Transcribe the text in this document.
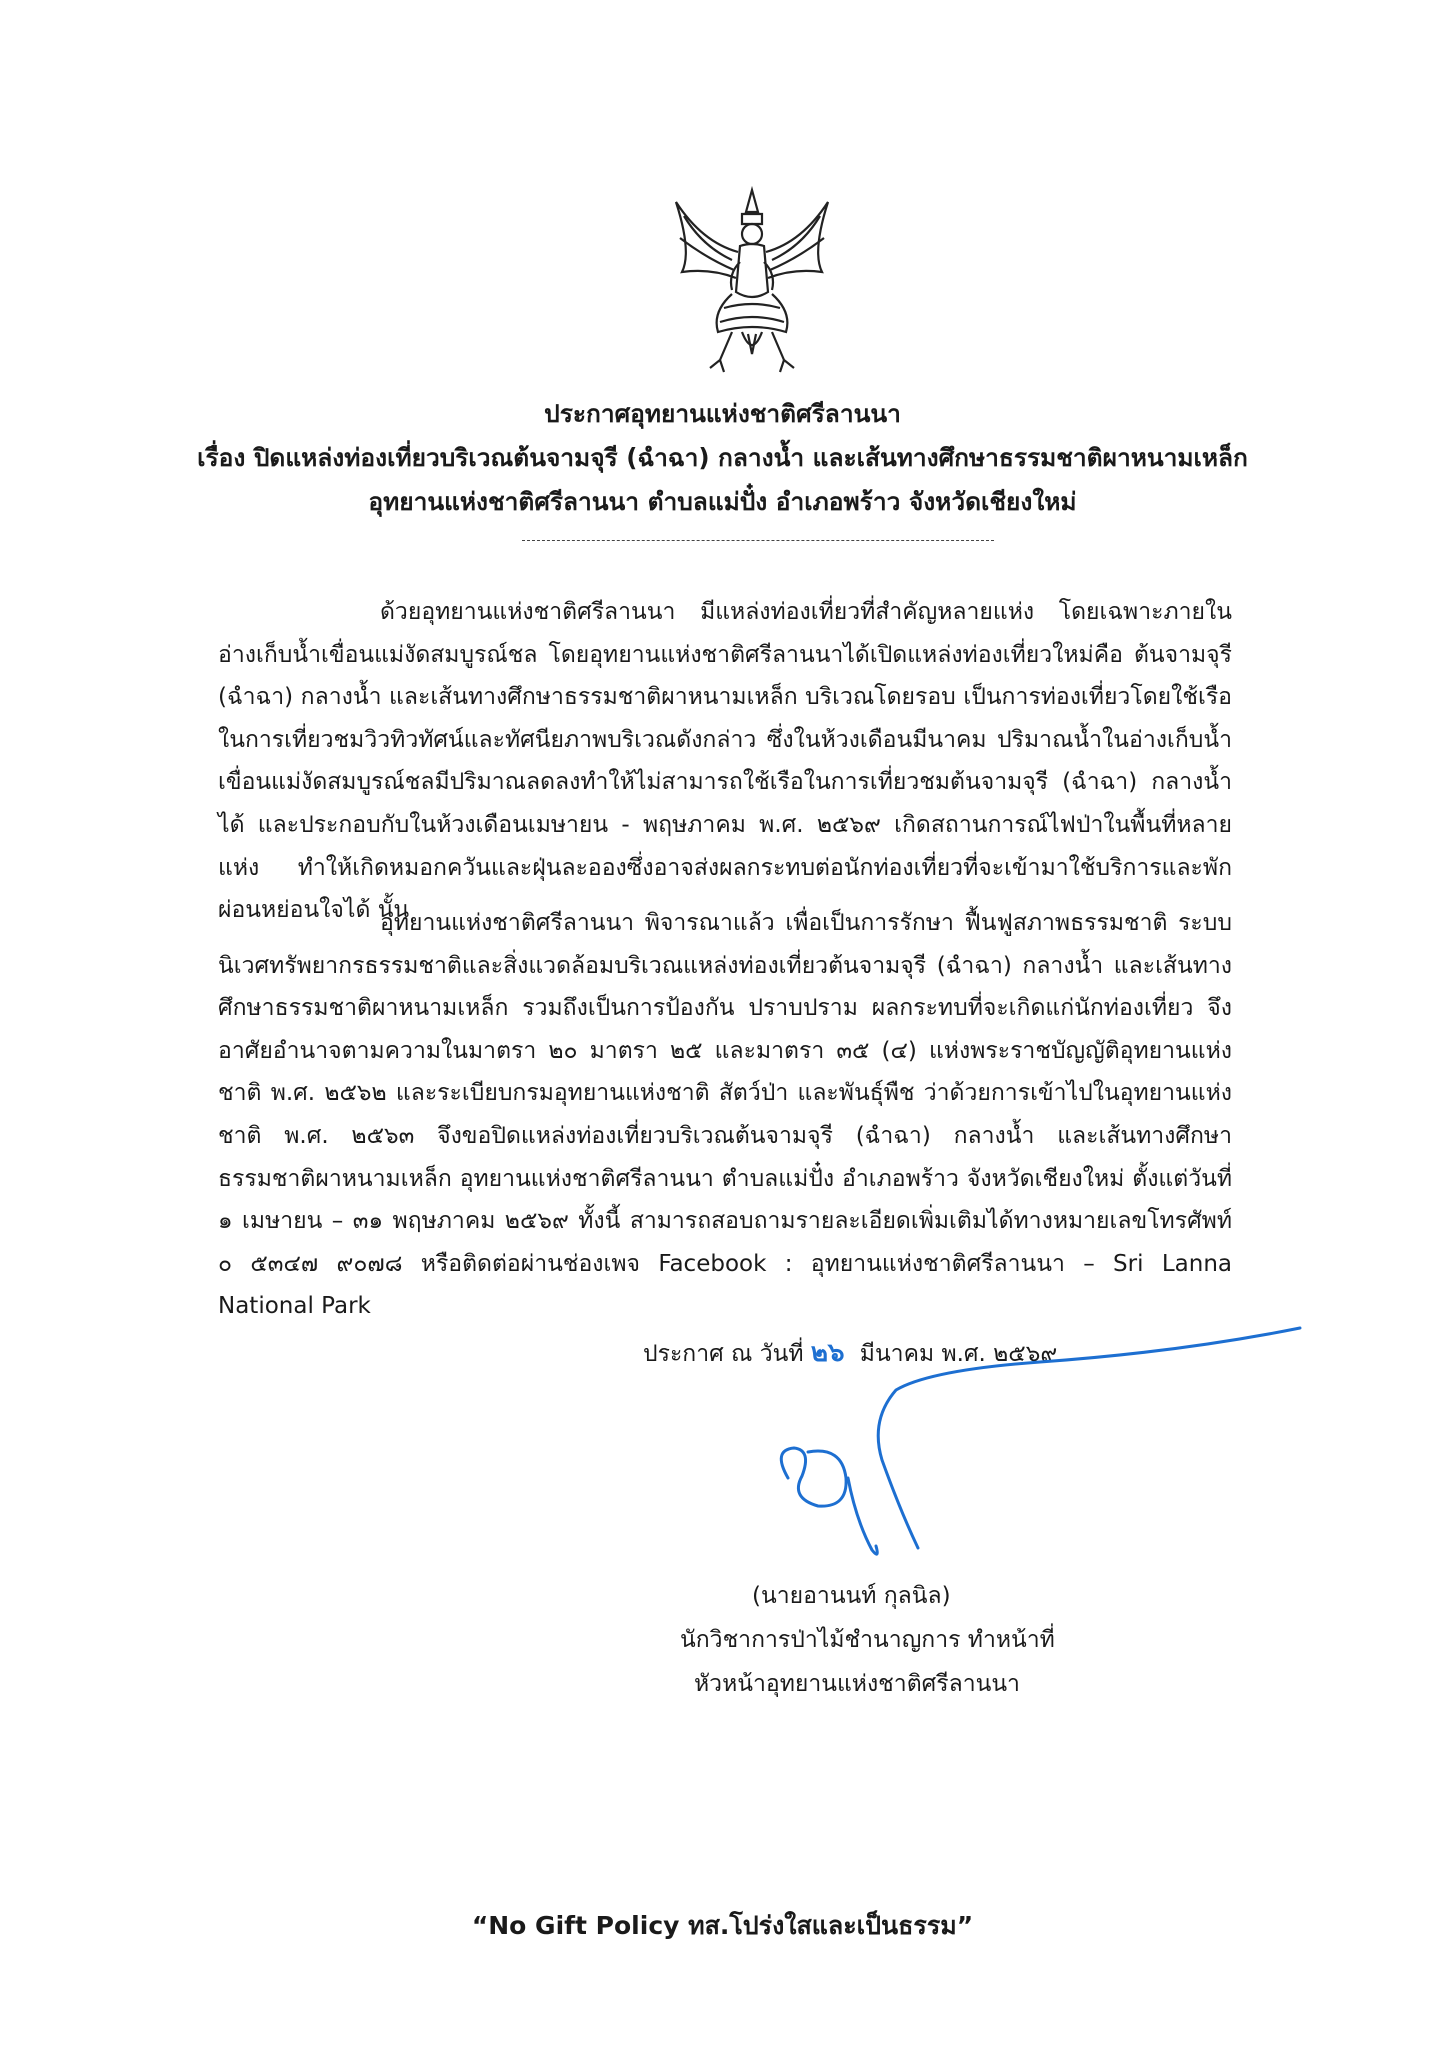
ประกาศอุทยานแห่งชาติศรีลานนา
เรื่อง ปิดแหล่งท่องเที่ยวบริเวณต้นจามจุรี (ฉำฉา) กลางน้ำ และเส้นทางศึกษาธรรมชาติผาหนามเหล็ก
อุทยานแห่งชาติศรีลานนา ตำบลแม่ปั๋ง อำเภอพร้าว จังหวัดเชียงใหม่

ด้วยอุทยานแห่งชาติศรีลานนา มีแหล่งท่องเที่ยวที่สำคัญหลายแห่ง โดยเฉพาะภายในอ่างเก็บน้ำเขื่อนแม่งัดสมบูรณ์ชล โดยอุทยานแห่งชาติศรีลานนาได้เปิดแหล่งท่องเที่ยวใหม่คือ ต้นจามจุรี (ฉำฉา) กลางน้ำ และเส้นทางศึกษาธรรมชาติผาหนามเหล็ก บริเวณโดยรอบ เป็นการท่องเที่ยวโดยใช้เรือในการเที่ยวชมวิวทิวทัศน์และทัศนียภาพบริเวณดังกล่าว ซึ่งในห้วงเดือนมีนาคม ปริมาณน้ำในอ่างเก็บน้ำเขื่อนแม่งัดสมบูรณ์ชลมีปริมาณลดลงทำให้ไม่สามารถใช้เรือในการเที่ยวชมต้นจามจุรี (ฉำฉา) กลางน้ำได้ และประกอบกับในห้วงเดือนเมษายน - พฤษภาคม พ.ศ. ๒๕๖๙ เกิดสถานการณ์ไฟป่าในพื้นที่หลายแห่ง ทำให้เกิดหมอกควันและฝุ่นละอองซึ่งอาจส่งผลกระทบต่อนักท่องเที่ยวที่จะเข้ามาใช้บริการและพักผ่อนหย่อนใจได้ นั้น

อุทยานแห่งชาติศรีลานนา พิจารณาแล้ว เพื่อเป็นการรักษา ฟื้นฟูสภาพธรรมชาติ ระบบนิเวศทรัพยากรธรรมชาติและสิ่งแวดล้อมบริเวณแหล่งท่องเที่ยวต้นจามจุรี (ฉำฉา) กลางน้ำ และเส้นทางศึกษาธรรมชาติผาหนามเหล็ก รวมถึงเป็นการป้องกัน ปราบปราม ผลกระทบที่จะเกิดแก่นักท่องเที่ยว จึงอาศัยอำนาจตามความในมาตรา ๒๐ มาตรา ๒๕ และมาตรา ๓๕ (๔) แห่งพระราชบัญญัติอุทยานแห่งชาติ พ.ศ. ๒๕๖๒ และระเบียบกรมอุทยานแห่งชาติ สัตว์ป่า และพันธุ์พืช ว่าด้วยการเข้าไปในอุทยานแห่งชาติ พ.ศ. ๒๕๖๓ จึงขอปิดแหล่งท่องเที่ยวบริเวณต้นจามจุรี (ฉำฉา) กลางน้ำ และเส้นทางศึกษาธรรมชาติผาหนามเหล็ก อุทยานแห่งชาติศรีลานนา ตำบลแม่ปั๋ง อำเภอพร้าว จังหวัดเชียงใหม่ ตั้งแต่วันที่ ๑ เมษายน – ๓๑ พฤษภาคม ๒๕๖๙ ทั้งนี้ สามารถสอบถามรายละเอียดเพิ่มเติมได้ทางหมายเลขโทรศัพท์ ๐ ๕๓๔๗ ๙๐๗๘ หรือติดต่อผ่านช่องเพจ Facebook : อุทยานแห่งชาติศรีลานนา – Sri Lanna National Park

ประกาศ ณ วันที่ ๒๖ มีนาคม พ.ศ. ๒๕๖๙
(นายอานนท์ กุลนิล)
นักวิชาการป่าไม้ชำนาญการ ทำหน้าที่
หัวหน้าอุทยานแห่งชาติศรีลานนา
“No Gift Policy ทส.โปร่งใสและเป็นธรรม”
